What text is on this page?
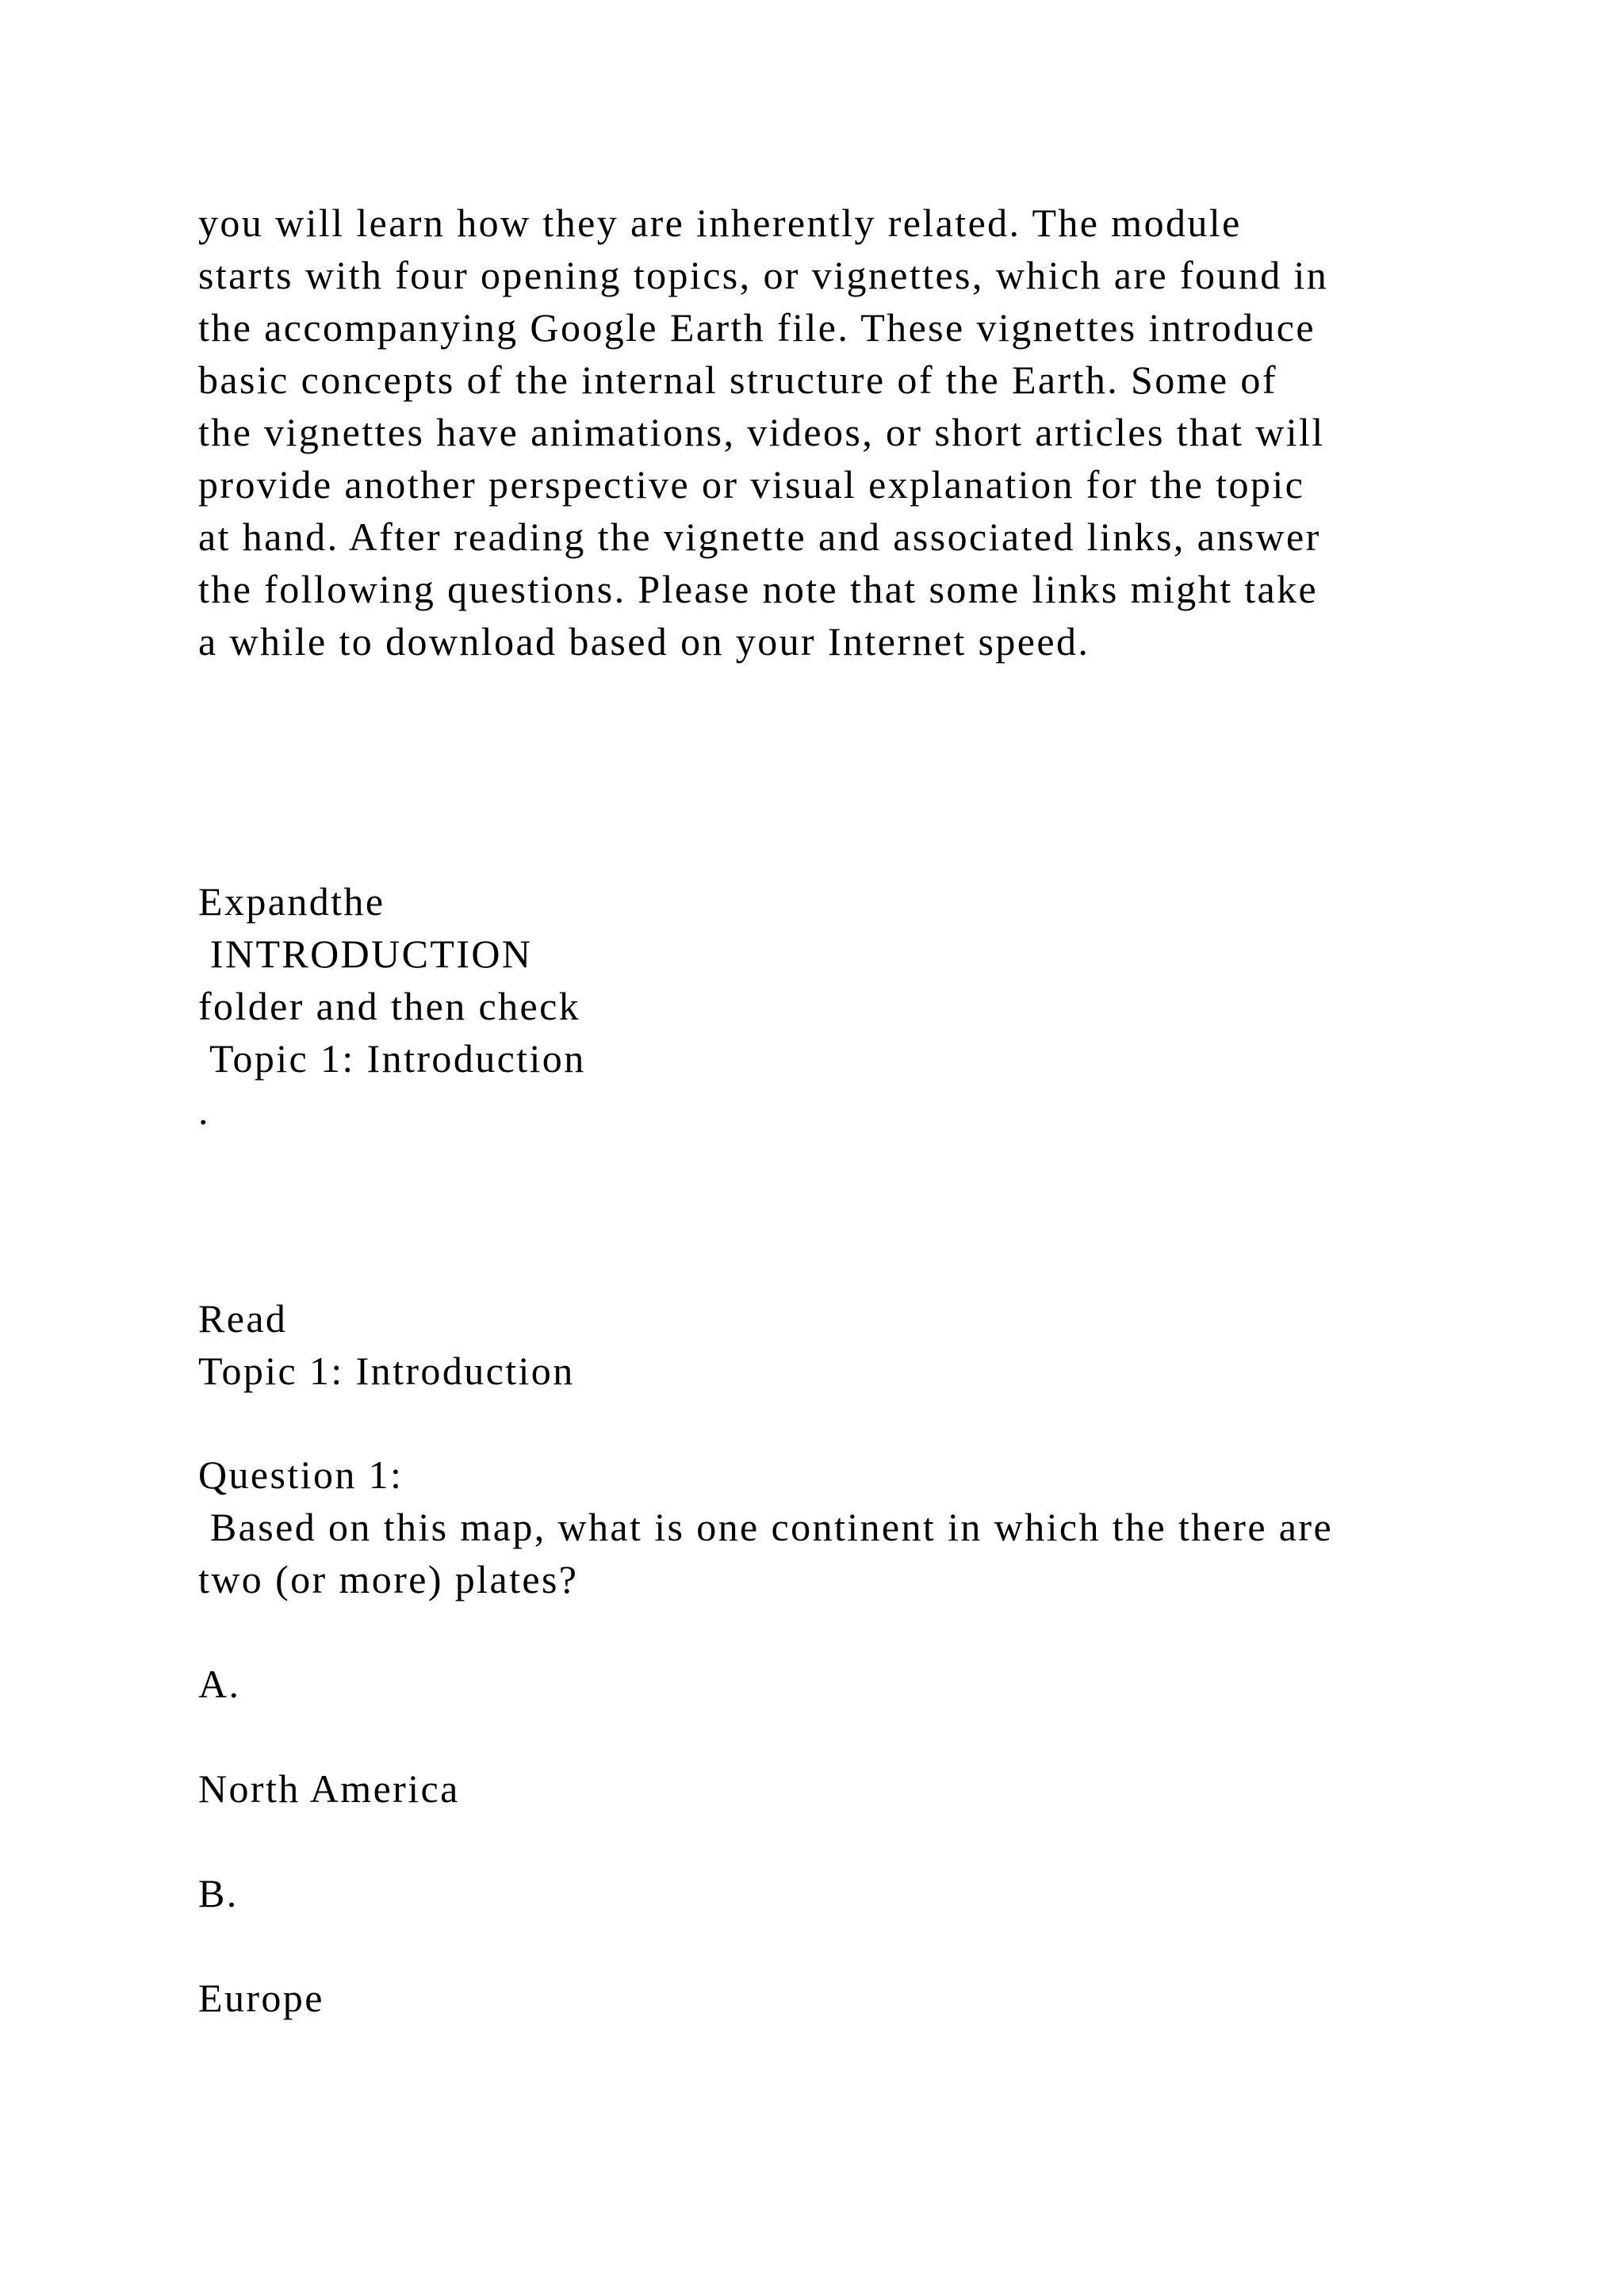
you will learn how they are inherently related. The module

starts with four opening topics, or vignettes, which are found in

the accompanying Google Earth file. These vignettes introduce

basic concepts of the internal structure of the Earth. Some of

the vignettes have animations, videos, or short articles that will

provide another perspective or visual explanation for the topic

at hand. After reading the vignette and associated links, answer

the following questions. Please note that some links might take

a while to download based on your Internet speed.

Expandthe

INTRODUCTION

folder and then check

Topic 1: Introduction

.

Read

Topic 1: Introduction

Question 1:

Based on this map, what is one continent in which the there are

two (or more) plates?

A.

North America

B.

Europe
